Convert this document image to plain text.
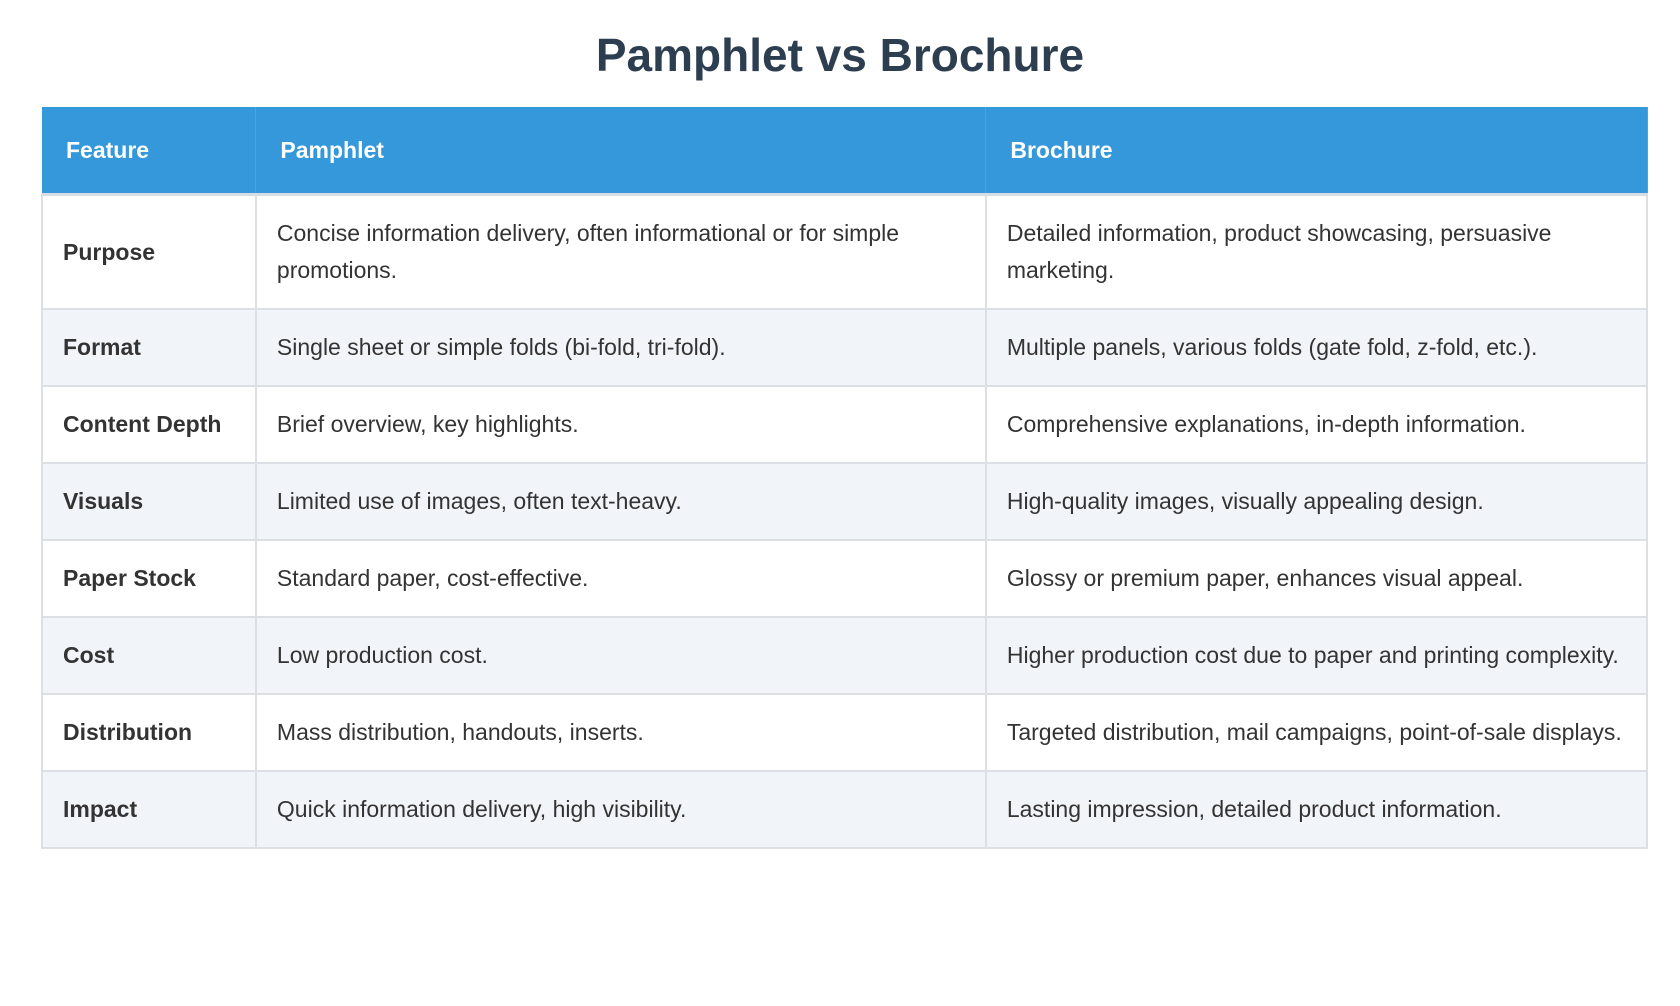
Pamphlet vs Brochure
Feature	Pamphlet	Brochure
Purpose	Concise information delivery, often informational or for simple promotions.	Detailed information, product showcasing, persuasive marketing.
Format	Single sheet or simple folds (bi-fold, tri-fold).	Multiple panels, various folds (gate fold, z-fold, etc.).
Content Depth	Brief overview, key highlights.	Comprehensive explanations, in-depth information.
Visuals	Limited use of images, often text-heavy.	High-quality images, visually appealing design.
Paper Stock	Standard paper, cost-effective.	Glossy or premium paper, enhances visual appeal.
Cost	Low production cost.	Higher production cost due to paper and printing complexity.
Distribution	Mass distribution, handouts, inserts.	Targeted distribution, mail campaigns, point-of-sale displays.
Impact	Quick information delivery, high visibility.	Lasting impression, detailed product information.
